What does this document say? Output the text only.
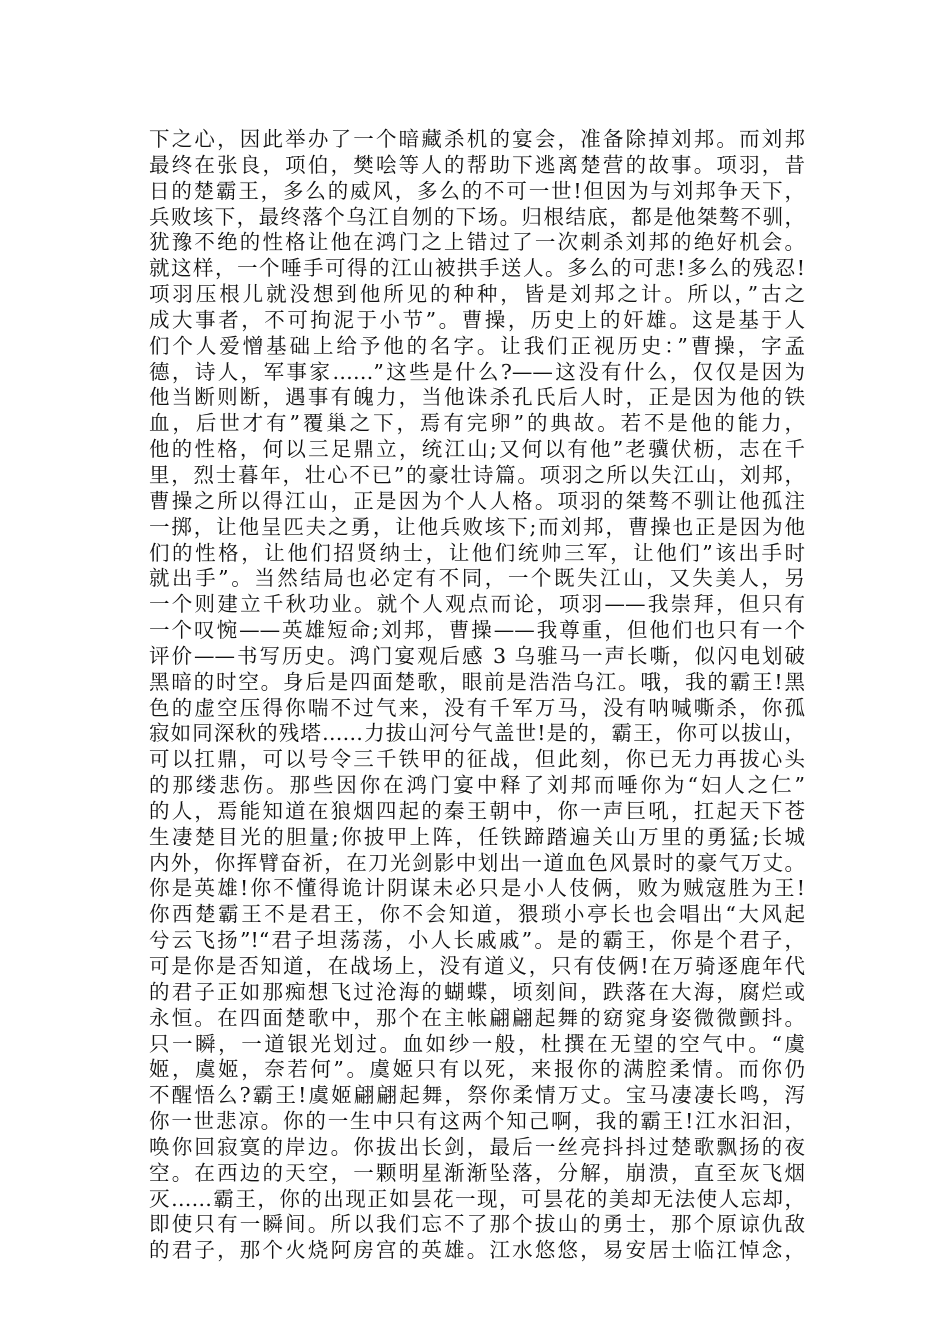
下之心，因此举办了一个暗藏杀机的宴会，准备除掉刘邦。而刘邦
最终在张良，项伯，樊哙等人的帮助下逃离楚营的故事。项羽，昔
日的楚霸王，多么的威风，多么的不可一世!但因为与刘邦争天下，
兵败垓下，最终落个乌江自刎的下场。归根结底，都是他桀骜不驯，
犹豫不绝的性格让他在鸿门之上错过了一次刺杀刘邦的绝好机会。
就这样，一个唾手可得的江山被拱手送人。多么的可悲!多么的残忍!
项羽压根儿就没想到他所见的种种，皆是刘邦之计。所以，”古之
成大事者，不可拘泥于小节”。曹操，历史上的奸雄。这是基于人
们个人爱憎基础上给予他的名字。让我们正视历史：”曹操，字孟
德，诗人，军事家……”这些是什么?——这没有什么，仅仅是因为
他当断则断，遇事有魄力，当他诛杀孔氏后人时，正是因为他的铁
血，后世才有”覆巢之下，焉有完卵”的典故。若不是他的能力，
他的性格，何以三足鼎立，统江山;又何以有他”老骥伏枥，志在千
里，烈士暮年，壮心不已”的豪壮诗篇。项羽之所以失江山，刘邦，
曹操之所以得江山，正是因为个人人格。项羽的桀骜不驯让他孤注
一掷，让他呈匹夫之勇，让他兵败垓下;而刘邦，曹操也正是因为他
们的性格，让他们招贤纳士，让他们统帅三军，让他们”该出手时
就出手”。当然结局也必定有不同，一个既失江山，又失美人，另
一个则建立千秋功业。就个人观点而论，项羽——我崇拜，但只有
一个叹惋——英雄短命;刘邦，曹操——我尊重，但他们也只有一个
评价——书写历史。鸿门宴观后感 3 乌骓马一声长嘶，似闪电划破
黑暗的时空。身后是四面楚歌，眼前是浩浩乌江。哦，我的霸王!黑
色的虚空压得你喘不过气来，没有千军万马，没有呐喊嘶杀，你孤
寂如同深秋的残塔……力拔山河兮气盖世!是的，霸王，你可以拔山，
可以扛鼎，可以号令三千铁甲的征战，但此刻，你已无力再拔心头
的那缕悲伤。那些因你在鸿门宴中释了刘邦而唾你为“妇人之仁”
的人，焉能知道在狼烟四起的秦王朝中，你一声巨吼，扛起天下苍
生凄楚目光的胆量;你披甲上阵，任铁蹄踏遍关山万里的勇猛;长城
内外，你挥臂奋祈，在刀光剑影中划出一道血色风景时的豪气万丈。
你是英雄!你不懂得诡计阴谋未必只是小人伎俩，败为贼寇胜为王!
你西楚霸王不是君王，你不会知道，猥琐小亭长也会唱出“大风起
兮云飞扬”!“君子坦荡荡，小人长戚戚”。是的霸王，你是个君子，
可是你是否知道，在战场上，没有道义，只有伎俩!在万骑逐鹿年代
的君子正如那痴想飞过沧海的蝴蝶，顷刻间，跌落在大海，腐烂或
永恒。在四面楚歌中，那个在主帐翩翩起舞的窈窕身姿微微颤抖。
只一瞬，一道银光划过。血如纱一般，杜撰在无望的空气中。“虞
姬，虞姬，奈若何”。虞姬只有以死，来报你的满腔柔情。而你仍
不醒悟么?霸王!虞姬翩翩起舞，祭你柔情万丈。宝马凄凄长鸣，泻
你一世悲凉。你的一生中只有这两个知己啊，我的霸王!江水汩汩，
唤你回寂寞的岸边。你拔出长剑，最后一丝亮抖抖过楚歌飘扬的夜
空。在西边的天空，一颗明星渐渐坠落，分解，崩溃，直至灰飞烟
灭……霸王，你的出现正如昙花一现，可昙花的美却无法使人忘却，
即使只有一瞬间。所以我们忘不了那个拔山的勇士，那个原谅仇敌
的君子，那个火烧阿房宫的英雄。江水悠悠，易安居士临江悼念，
